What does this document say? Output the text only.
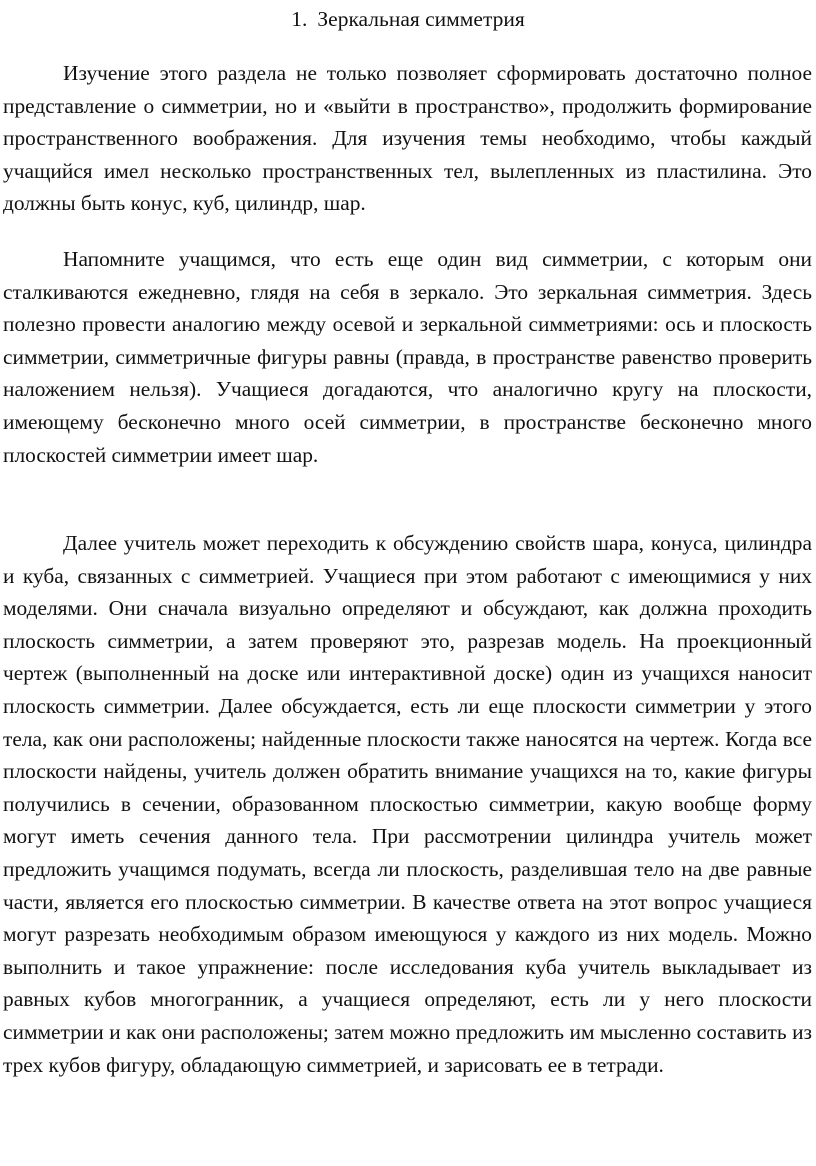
1. Зеркальная симметрия

Изучение этого раздела не только позволяет сформировать достаточно полное представление о симметрии, но и «выйти в пространство», продолжить формирование пространственного воображения. Для изучения темы необходимо, чтобы каждый учащийся имел несколько пространственных тел, вылепленных из пластилина. Это должны быть конус, куб, цилиндр, шар.

Напомните учащимся, что есть еще один вид симметрии, с которым они сталкиваются ежедневно, глядя на себя в зеркало. Это зеркальная симметрия. Здесь полезно провести аналогию между осевой и зеркальной симметриями: ось и плоскость симметрии, симметричные фигуры равны (правда, в пространстве равенство проверить наложением нельзя). Учащиеся догадаются, что аналогично кругу на плоскости, имеющему бесконечно много осей симметрии, в пространстве бесконечно много плоскостей симметрии имеет шар.

Далее учитель может переходить к обсуждению свойств шара, конуса, цилиндра и куба, связанных с симметрией. Учащиеся при этом работают с имеющимися у них моделями. Они сначала визуально определяют и обсуждают, как должна проходить плоскость симметрии, а затем проверяют это, разрезав модель. На проекционный чертеж (выполненный на доске или интерактивной доске) один из учащихся наносит плоскость симметрии. Далее обсуждается, есть ли еще плоскости симметрии у этого тела, как они расположены; найденные плоскости также наносятся на чертеж. Когда все плоскости найдены, учитель должен обратить внимание учащихся на то, какие фигуры получились в сечении, образованном плоскостью симметрии, какую вообще форму могут иметь сечения данного тела. При рассмотрении цилиндра учитель может предложить учащимся подумать, всегда ли плоскость, разделившая тело на две равные части, является его плоскостью симметрии. В качестве ответа на этот вопрос учащиеся могут разрезать необходимым образом имеющуюся у каждого из них модель. Можно выполнить и такое упражнение: после исследования куба учитель выкладывает из равных кубов многогранник, а учащиеся определяют, есть ли у него плоскости симметрии и как они расположены; затем можно предложить им мысленно составить из трех кубов фигуру, обладающую симметрией, и зарисовать ее в тетради.
